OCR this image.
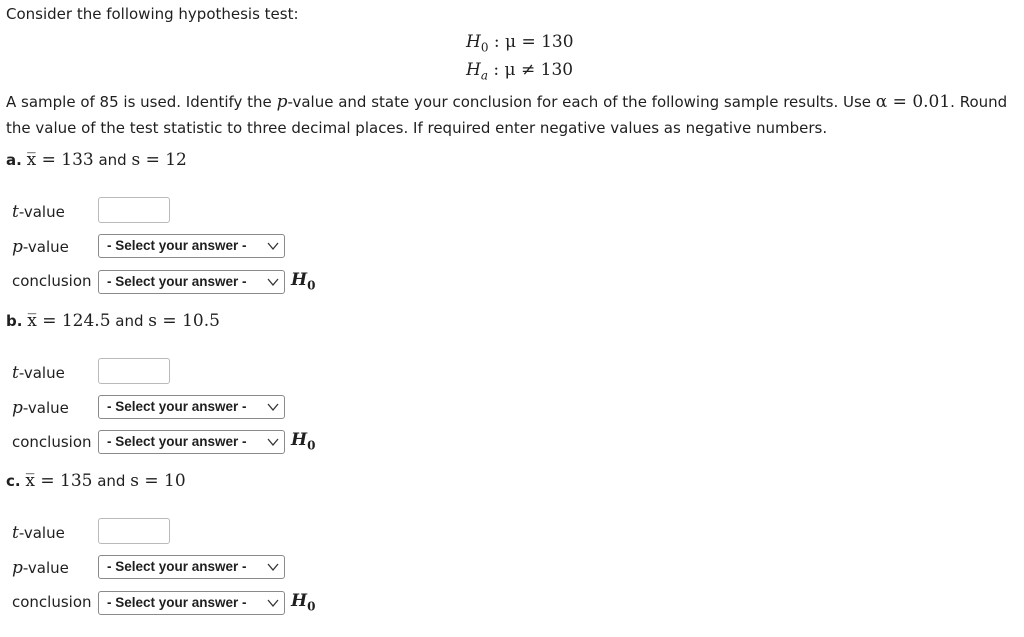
Consider the following hypothesis test:
$H_0$ : μ = 130
$H_a$ : μ ≠ 130
A sample of 85 is used. Identify the p-value and state your conclusion for each of the following sample results. Use α = 0.01. Round
the value of the test statistic to three decimal places. If required enter negative values as negative numbers.
a. x̅ = 133 and s = 12
t-value
p-value	- Select your answer -
conclusion	- Select your answer -	$H_0$
b. x̅ = 124.5 and s = 10.5
t-value
p-value	- Select your answer -
conclusion	- Select your answer -	$H_0$
c. x̅ = 135 and s = 10
t-value
p-value	- Select your answer -
conclusion	- Select your answer -	$H_0$
